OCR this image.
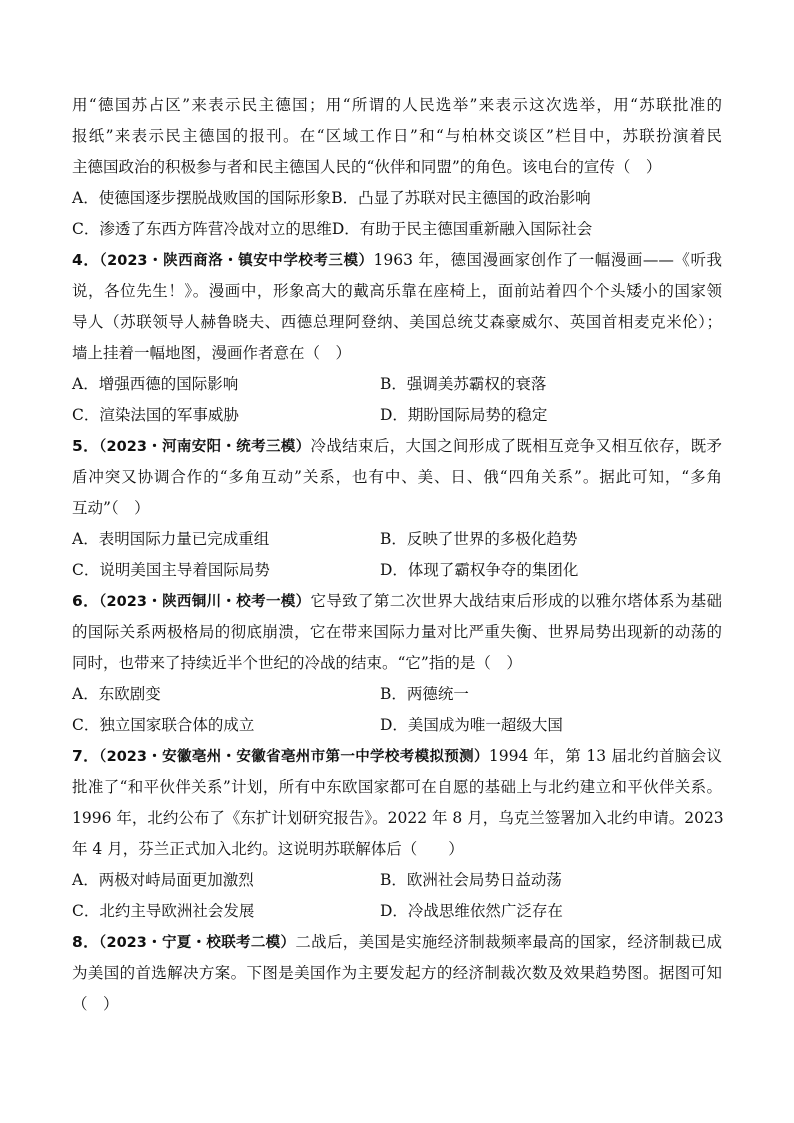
用“德国苏占区”来表示民主德国；用“所谓的人民选举”来表示这次选举，用“苏联批准的
报纸”来表示民主德国的报刊。在“区域工作日”和“与柏林交谈区”栏目中，苏联扮演着民
主德国政治的积极参与者和民主德国人民的“伙伴和同盟”的角色。该电台的宣传（　）
A．使德国逐步摆脱战败国的国际形象B．凸显了苏联对民主德国的政治影响
C．渗透了东西方阵营冷战对立的思维D．有助于民主德国重新融入国际社会
4．（2023・陕西商洛・镇安中学校考三模）1963 年，德国漫画家创作了一幅漫画——《听我
说，各位先生！》。漫画中，形象高大的戴高乐靠在座椅上，面前站着四个个头矮小的国家领
导人（苏联领导人赫鲁晓夫、西德总理阿登纳、美国总统艾森豪威尔、英国首相麦克米伦）；
墙上挂着一幅地图，漫画作者意在（　）
A．增强西德的国际影响	B．强调美苏霸权的衰落
C．渲染法国的军事威胁	D．期盼国际局势的稳定
5．（2023・河南安阳・统考三模）冷战结束后，大国之间形成了既相互竞争又相互依存，既矛
盾冲突又协调合作的“多角互动”关系，也有中、美、日、俄“四角关系”。据此可知，“多角
互动”（　）
A．表明国际力量已完成重组	B．反映了世界的多极化趋势
C．说明美国主导着国际局势	D．体现了霸权争夺的集团化
6．（2023・陕西铜川・校考一模）它导致了第二次世界大战结束后形成的以雅尔塔体系为基础
的国际关系两极格局的彻底崩溃，它在带来国际力量对比严重失衡、世界局势出现新的动荡的
同时，也带来了持续近半个世纪的冷战的结束。“它”指的是（　）
A．东欧剧变	B．两德统一
C．独立国家联合体的成立	D．美国成为唯一超级大国
7．（2023・安徽亳州・安徽省亳州市第一中学校考模拟预测）1994 年，第 13 届北约首脑会议
批准了“和平伙伴关系”计划，所有中东欧国家都可在自愿的基础上与北约建立和平伙伴关系。
1996 年，北约公布了《东扩计划研究报告》。2022 年 8 月，乌克兰签署加入北约申请。2023
年 4 月，芬兰正式加入北约。这说明苏联解体后（　　）
A．两极对峙局面更加激烈	B．欧洲社会局势日益动荡
C．北约主导欧洲社会发展	D．冷战思维依然广泛存在
8．（2023・宁夏・校联考二模）二战后，美国是实施经济制裁频率最高的国家，经济制裁已成
为美国的首选解决方案。下图是美国作为主要发起方的经济制裁次数及效果趋势图。据图可知
（　）
